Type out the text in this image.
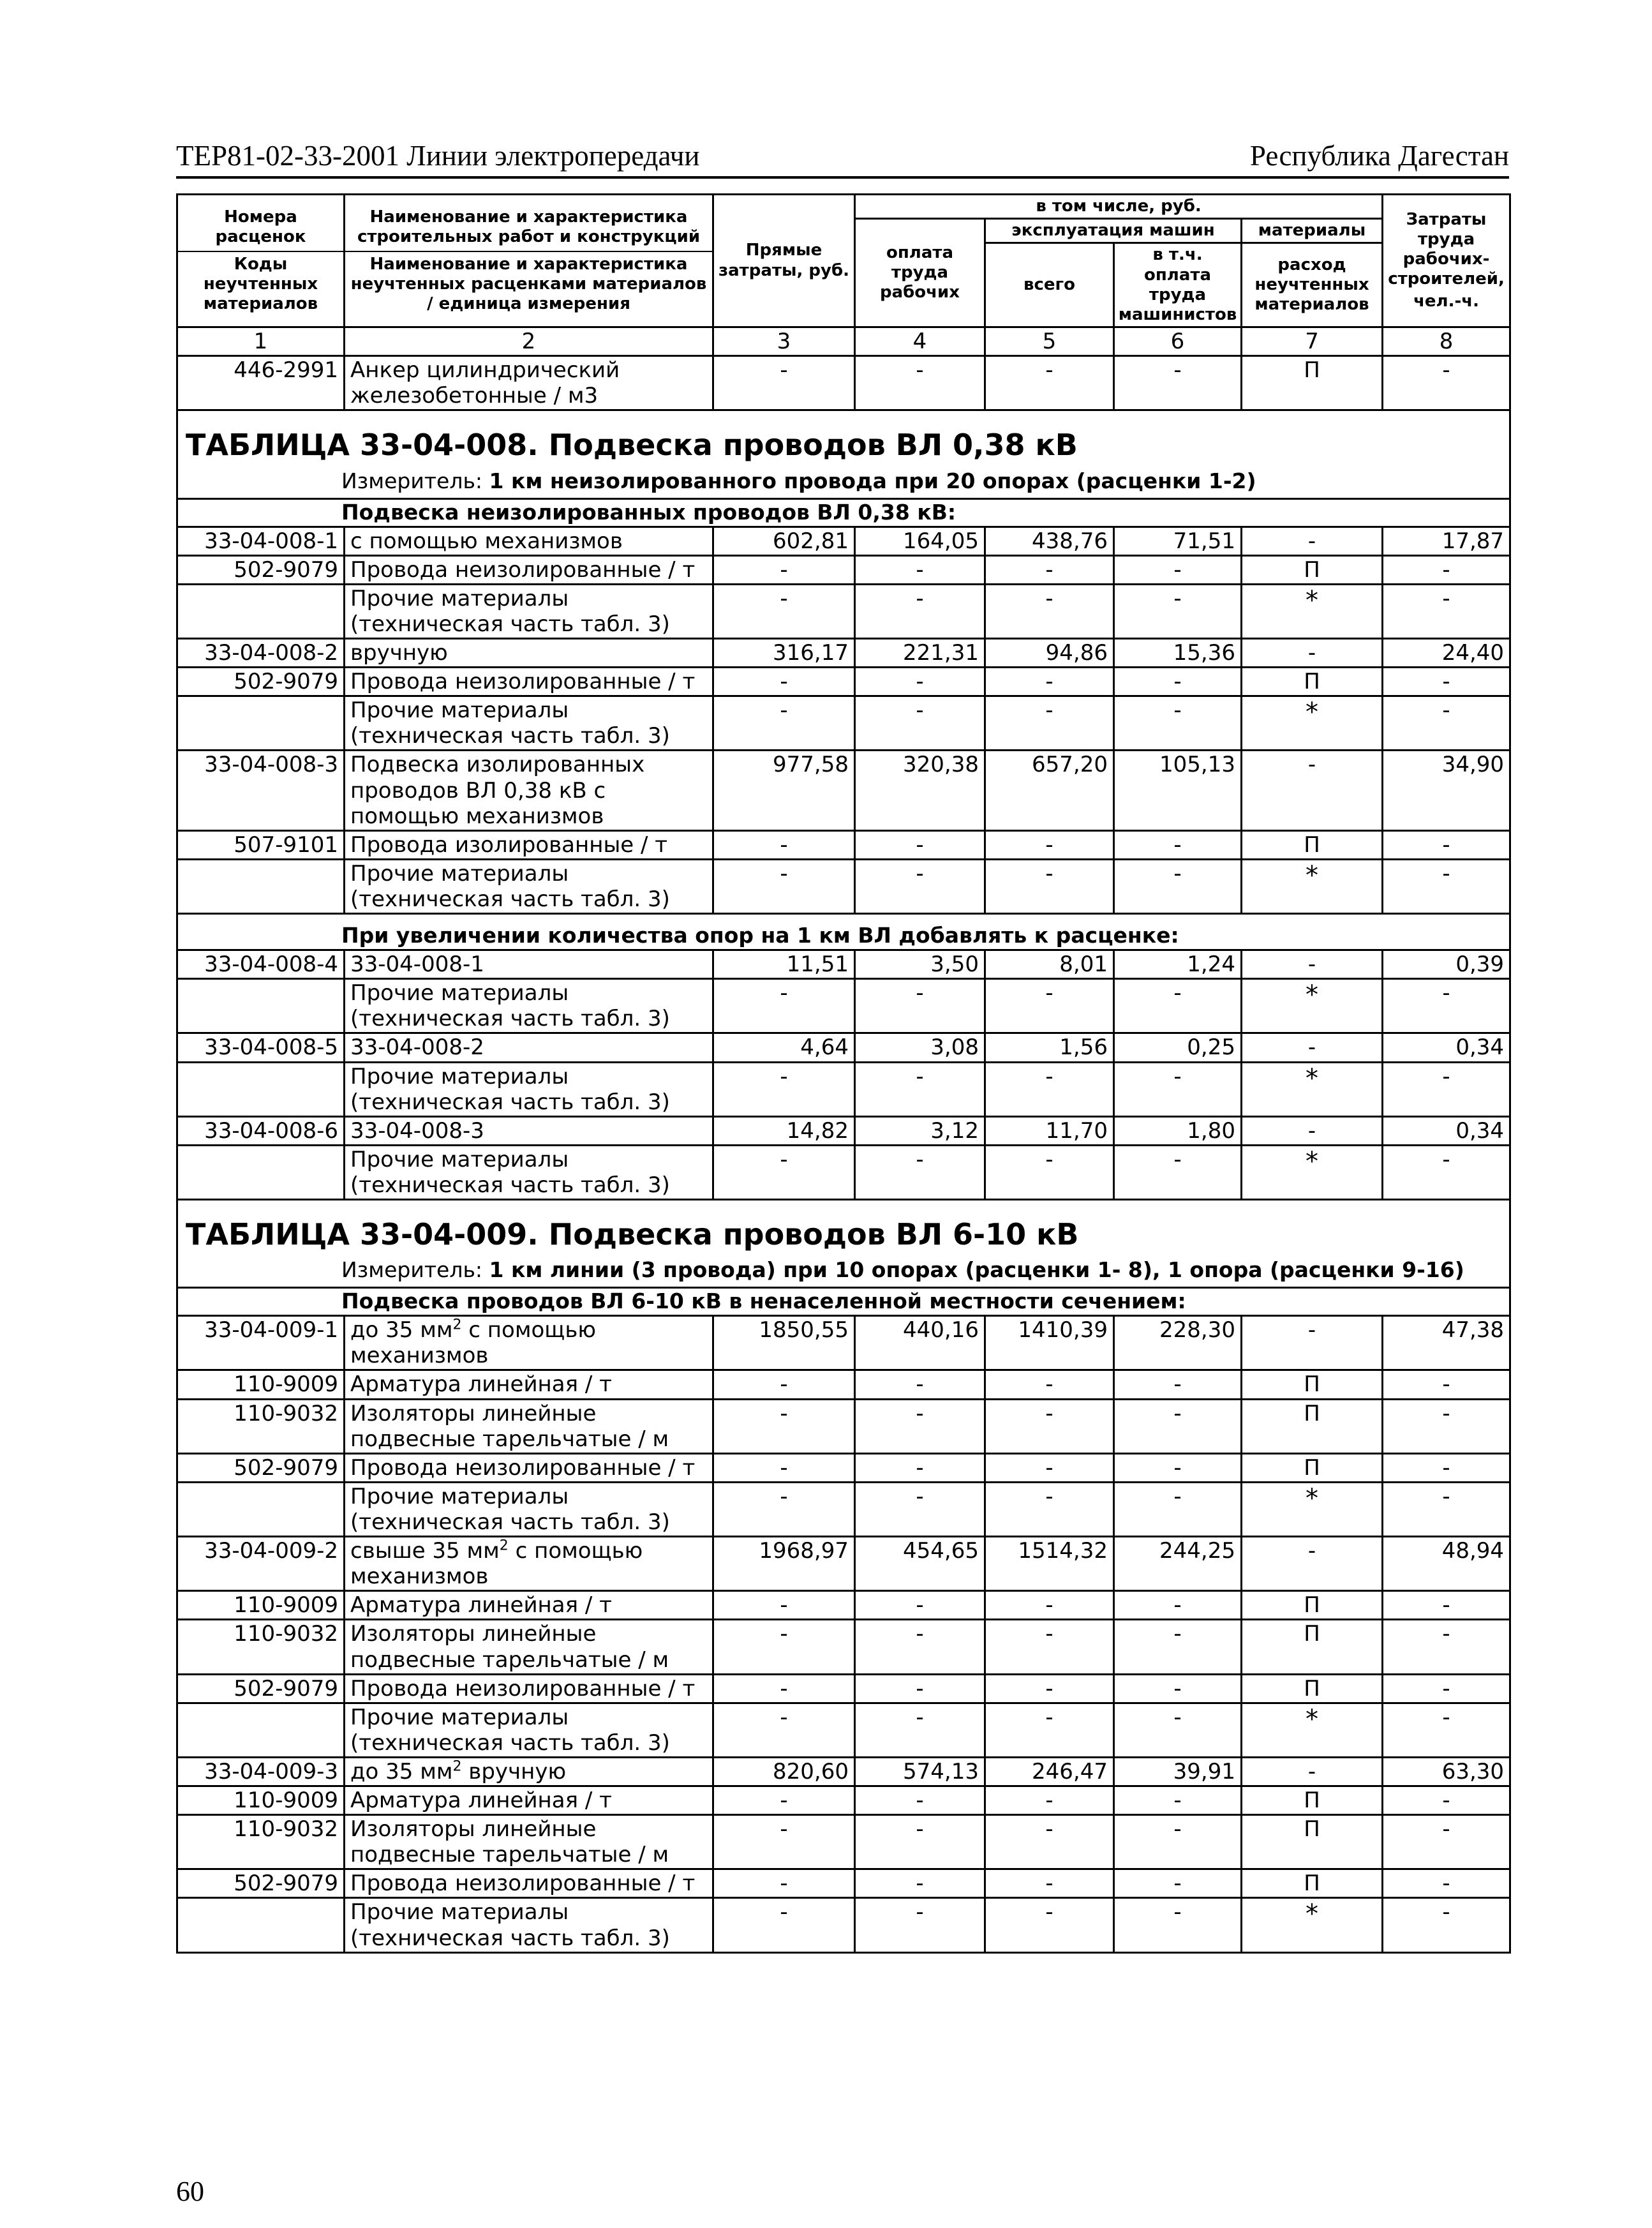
ТЕР81-02-33-2001 Линии электропередачи	Республика Дагестан
Номера расценок
Коды неучтенных материалов	Наименование и характеристика строительных работ и конструкций
Наименование и характеристика неучтенных расценками материалов / единица измерения	Прямые затраты, руб.	в том числе, руб.				Затраты труда рабочих-строителей,
чел.-ч.
			оплата труда рабочих	эксплуатация машин		материалы	
				всего	в т.ч. оплата труда машинистов	расход неучтенных материалов	
1	2	3	4	5	6	7	8
446-2991	Анкер цилиндрический железобетонные / м3	-	-	-	-	П	-
ТАБЛИЦА 33-04-008. Подвеска проводов ВЛ 0,38 кВ							
Измеритель: 1 км неизолированного провода при 20 опорах (расценки 1-2)							
Подвеска неизолированных проводов ВЛ 0,38 кВ:							
33-04-008-1	с помощью механизмов	602,81	164,05	438,76	71,51	-	17,87
502-9079	Провода неизолированные / т	-	-	-	-	П	-
	Прочие материалы (техническая часть табл. 3)	-	-	-	-	*	-
33-04-008-2	вручную	316,17	221,31	94,86	15,36	-	24,40
502-9079	Провода неизолированные / т	-	-	-	-	П	-
	Прочие материалы (техническая часть табл. 3)	-	-	-	-	*	-
33-04-008-3	Подвеска изолированных проводов ВЛ 0,38 кВ с помощью механизмов	977,58	320,38	657,20	105,13	-	34,90
507-9101	Провода изолированные / т	-	-	-	-	П	-
	Прочие материалы (техническая часть табл. 3)	-	-	-	-	*	-
При увеличении количества опор на 1 км ВЛ добавлять к расценке:							
33-04-008-4	33-04-008-1	11,51	3,50	8,01	1,24	-	0,39
	Прочие материалы (техническая часть табл. 3)	-	-	-	-	*	-
33-04-008-5	33-04-008-2	4,64	3,08	1,56	0,25	-	0,34
	Прочие материалы (техническая часть табл. 3)	-	-	-	-	*	-
33-04-008-6	33-04-008-3	14,82	3,12	11,70	1,80	-	0,34
	Прочие материалы (техническая часть табл. 3)	-	-	-	-	*	-
ТАБЛИЦА 33-04-009. Подвеска проводов ВЛ 6-10 кВ							
Измеритель: 1 км линии (3 провода) при 10 опорах (расценки 1- 8), 1 опора (расценки 9-16)							
Подвеска проводов ВЛ 6-10 кВ в ненаселенной местности сечением:							
33-04-009-1	до 35 $мм^2$ с помощью механизмов	1850,55	440,16	1410,39	228,30	-	47,38
110-9009	Арматура линейная / т	-	-	-	-	П	-
110-9032	Изоляторы линейные подвесные тарельчатые / м	-	-	-	-	П	-
502-9079	Провода неизолированные / т	-	-	-	-	П	-
	Прочие материалы (техническая часть табл. 3)	-	-	-	-	*	-
33-04-009-2	свыше 35 $мм^2$ с помощью механизмов	1968,97	454,65	1514,32	244,25	-	48,94
110-9009	Арматура линейная / т	-	-	-	-	П	-
110-9032	Изоляторы линейные подвесные тарельчатые / м	-	-	-	-	П	-
502-9079	Провода неизолированные / т	-	-	-	-	П	-
	Прочие материалы (техническая часть табл. 3)	-	-	-	-	*	-
33-04-009-3	до 35 $мм^2$ вручную	820,60	574,13	246,47	39,91	-	63,30
110-9009	Арматура линейная / т	-	-	-	-	П	-
110-9032	Изоляторы линейные подвесные тарельчатые / м	-	-	-	-	П	-
502-9079	Провода неизолированные / т	-	-	-	-	П	-
	Прочие материалы (техническая часть табл. 3)	-	-	-	-	*	-
60
